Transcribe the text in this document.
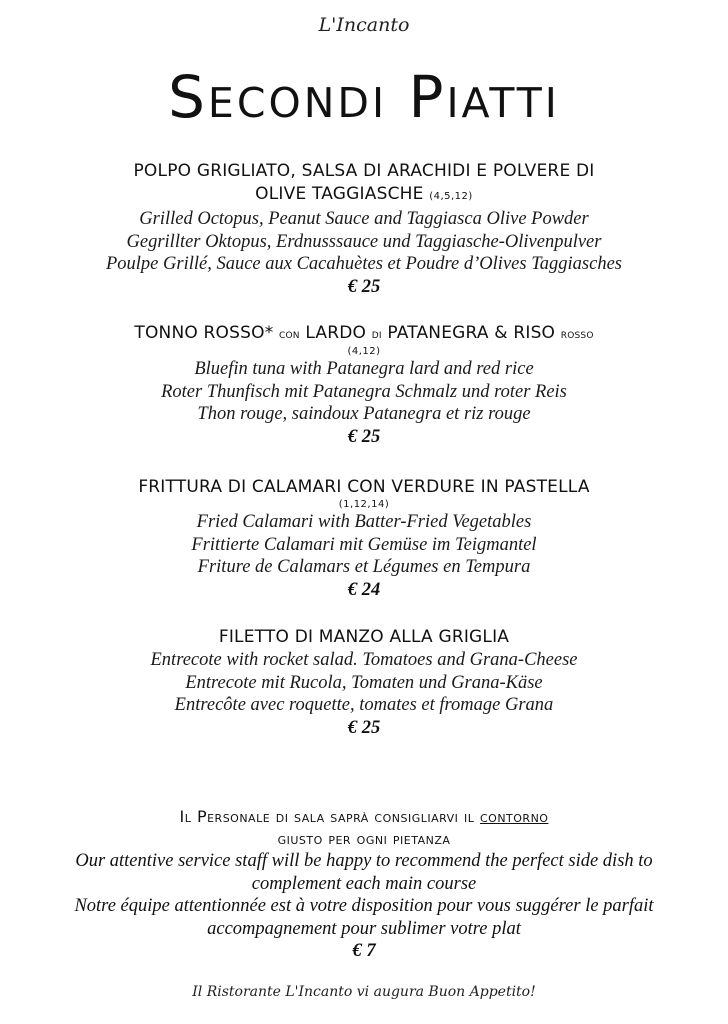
L'Incanto
Secondi Piatti
POLPO GRIGLIATO, SALSA DI ARACHIDI E POLVERE DI
OLIVE TAGGIASCHE (4,5,12)
Grilled Octopus, Peanut Sauce and Taggiasca Olive Powder
Gegrillter Oktopus, Erdnusssauce und Taggiasche-Olivenpulver
Poulpe Grillé, Sauce aux Cacahuètes et Poudre d’Olives Taggiasches
€ 25
TONNO ROSSO* con LARDO di PATANEGRA & RISO rosso
(4,12)
Bluefin tuna with Patanegra lard and red rice
Roter Thunfisch mit Patanegra Schmalz und roter Reis
Thon rouge, saindoux Patanegra et riz rouge
€ 25
FRITTURA DI CALAMARI CON VERDURE IN PASTELLA
(1,12,14)
Fried Calamari with Batter-Fried Vegetables
Frittierte Calamari mit Gemüse im Teigmantel
Friture de Calamars et Légumes en Tempura
€ 24
FILETTO DI MANZO ALLA GRIGLIA
Entrecote with rocket salad. Tomatoes and Grana-Cheese
Entrecote mit Rucola, Tomaten und Grana-Käse
Entrecôte avec roquette, tomates et fromage Grana
€ 25
Il Personale di sala saprà consigliarvi il contorno
giusto per ogni pietanza
Our attentive service staff will be happy to recommend the perfect side dish to complement each main course
Notre équipe attentionnée est à votre disposition pour vous suggérer le parfait accompagnement pour sublimer votre plat
€ 7
Il Ristorante L'Incanto vi augura Buon Appetito!
